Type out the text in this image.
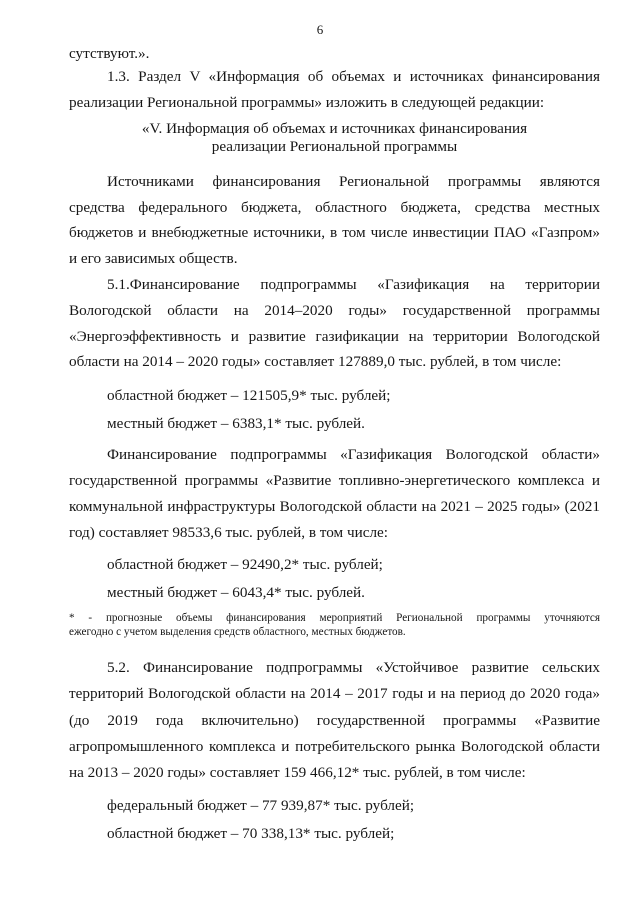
6
сутствуют.».
1.3. Раздел V «Информация об объемах и источниках финансирования
реализации Региональной программы» изложить в следующей редакции:
«V. Информация об объемах и источниках финансирования
реализации Региональной программы
Источниками финансирования Региональной программы являются
средства федерального бюджета, областного бюджета, средства местных
бюджетов и внебюджетные источники, в том числе инвестиции ПАО «Газпром»
и его зависимых обществ.
5.1.Финансирование подпрограммы «Газификация на территории
Вологодской области на 2014–2020 годы» государственной программы
«Энергоэффективность и развитие газификации на территории Вологодской
области на 2014 – 2020 годы» составляет 127889,0 тыс. рублей, в том числе:
областной бюджет – 121505,9* тыс. рублей;
местный бюджет – 6383,1* тыс. рублей.
Финансирование подпрограммы «Газификация Вологодской области»
государственной программы «Развитие топливно-энергетического комплекса и
коммунальной инфраструктуры Вологодской области на 2021 – 2025 годы» (2021
год) составляет 98533,6 тыс. рублей, в том числе:
областной бюджет – 92490,2* тыс. рублей;
местный бюджет – 6043,4* тыс. рублей.
* - прогнозные объемы финансирования мероприятий Региональной программы уточняются
ежегодно с учетом выделения средств областного, местных бюджетов.
5.2. Финансирование подпрограммы «Устойчивое развитие сельских
территорий Вологодской области на 2014 – 2017 годы и на период до 2020 года»
(до 2019 года включительно) государственной программы «Развитие
агропромышленного комплекса и потребительского рынка Вологодской области
на 2013 – 2020 годы» составляет 159 466,12* тыс. рублей, в том числе:
федеральный бюджет – 77 939,87* тыс. рублей;
областной бюджет – 70 338,13* тыс. рублей;
